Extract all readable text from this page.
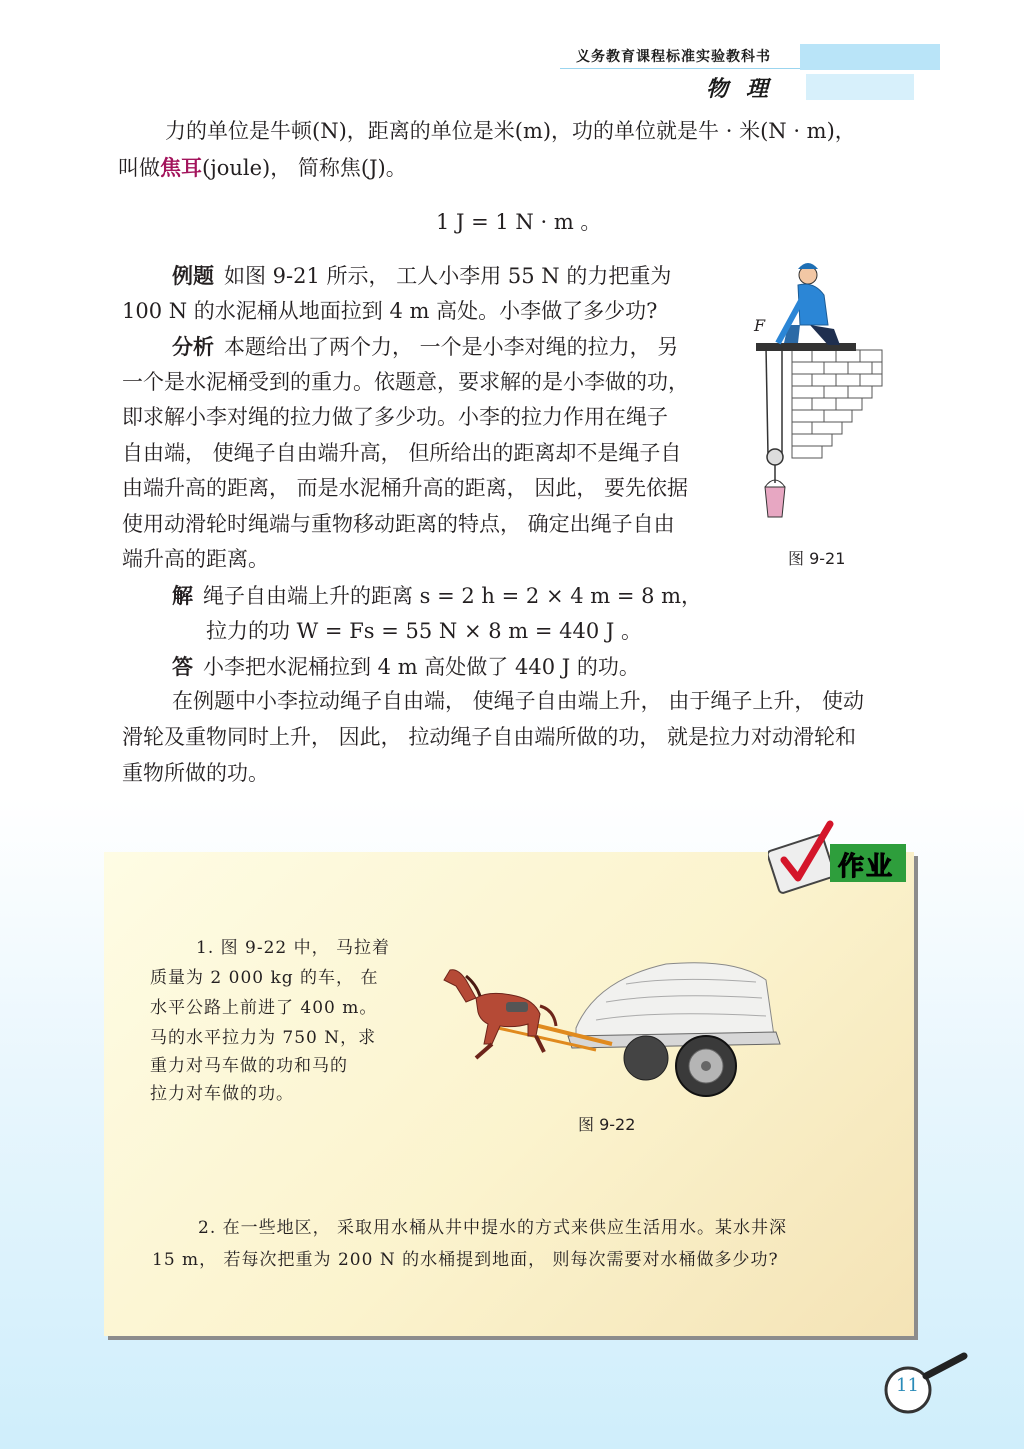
义务教育课程标准实验教科书
物理

力的单位是牛顿(N)，距离的单位是米(m)，功的单位就是牛 · 米(N · m)，

叫做焦耳(joule)， 简称焦(J)。

1 J = 1 N · m 。

例题 如图 9-21 所示， 工人小李用 55 N 的力把重为

100 N 的水泥桶从地面拉到 4 m 高处。小李做了多少功?

分析 本题给出了两个力， 一个是小李对绳的拉力， 另

一个是水泥桶受到的重力。依题意，要求解的是小李做的功，

即求解小李对绳的拉力做了多少功。小李的拉力作用在绳子

自由端， 使绳子自由端升高， 但所给出的距离却不是绳子自

由端升高的距离， 而是水泥桶升高的距离， 因此， 要先依据

使用动滑轮时绳端与重物移动距离的特点， 确定出绳子自由

端升高的距离。

解 绳子自由端上升的距离 s = 2 h = 2 × 4 m = 8 m，

拉力的功 W = Fs = 55 N × 8 m = 440 J 。

答 小李把水泥桶拉到 4 m 高处做了 440 J 的功。

在例题中小李拉动绳子自由端， 使绳子自由端上升， 由于绳子上升， 使动

滑轮及重物同时上升， 因此， 拉动绳子自由端所做的功， 就是拉力对动滑轮和

重物所做的功。

F
图 9-21
作业

1. 图 9-22 中， 马拉着

质量为 2 000 kg 的车， 在

水平公路上前进了 400 m。

马的水平拉力为 750 N，求

重力对马车做的功和马的

拉力对车做的功。

图 9-22

2. 在一些地区， 采取用水桶从井中提水的方式来供应生活用水。某水井深

15 m， 若每次把重为 200 N 的水桶提到地面， 则每次需要对水桶做多少功?

11
